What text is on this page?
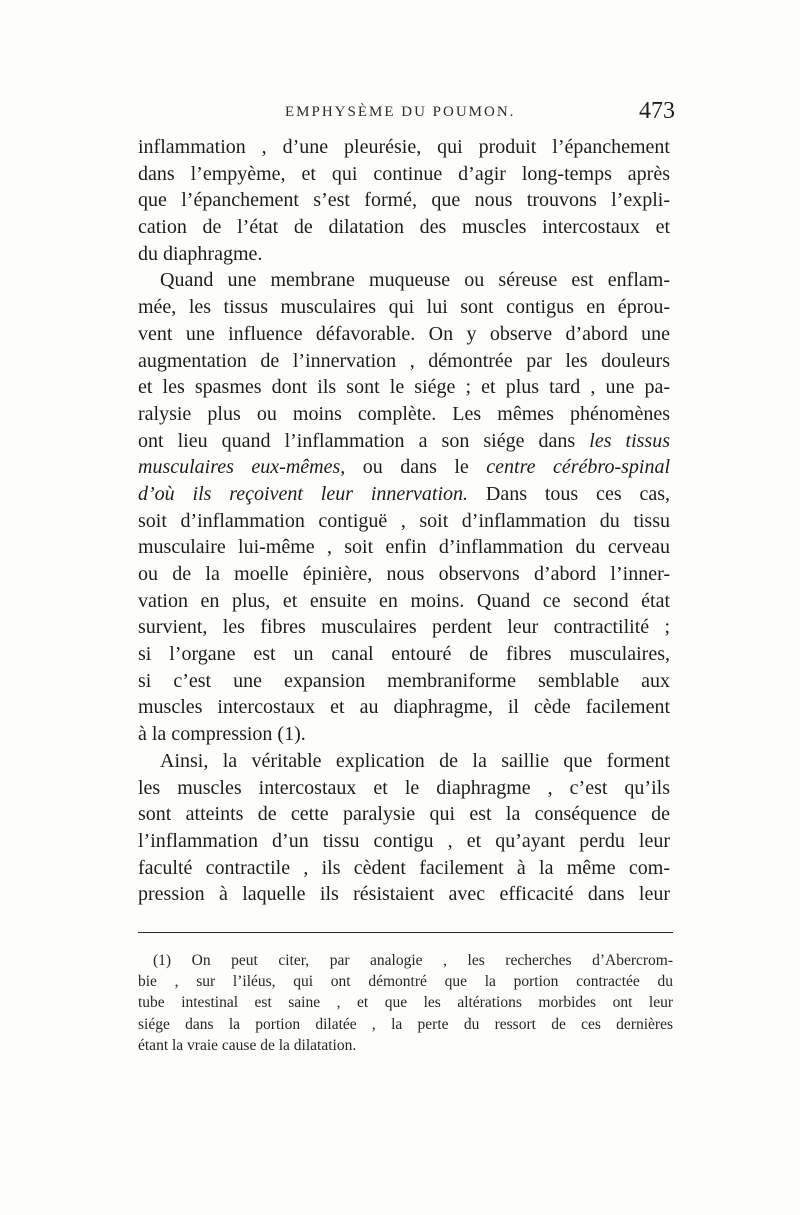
EMPHYSÈME DU POUMON.	473
inflammation , d’une pleurésie, qui produit l’épanchement
dans l’empyème, et qui continue d’agir long-temps après
que l’épanchement s’est formé, que nous trouvons l’expli-
cation de l’état de dilatation des muscles intercostaux et
du diaphragme.
Quand une membrane muqueuse ou séreuse est enflam-
mée, les tissus musculaires qui lui sont contigus en éprou-
vent une influence défavorable. On y observe d’abord une
augmentation de l’innervation , démontrée par les douleurs
et les spasmes dont ils sont le siége ; et plus tard , une pa-
ralysie plus ou moins complète. Les mêmes phénomènes
ont lieu quand l’inflammation a son siége dans les tissus
musculaires eux-mêmes, ou dans le centre cérébro-spinal
d’où ils reçoivent leur innervation. Dans tous ces cas,
soit d’inflammation contiguë , soit d’inflammation du tissu
musculaire lui-même , soit enfin d’inflammation du cerveau
ou de la moelle épinière, nous observons d’abord l’inner-
vation en plus, et ensuite en moins. Quand ce second état
survient, les fibres musculaires perdent leur contractilité ;
si l’organe est un canal entouré de fibres musculaires,
si c’est une expansion membraniforme semblable aux
muscles intercostaux et au diaphragme, il cède facilement
à la compression (1).
Ainsi, la véritable explication de la saillie que forment
les muscles intercostaux et le diaphragme , c’est qu’ils
sont atteints de cette paralysie qui est la conséquence de
l’inflammation d’un tissu contigu , et qu’ayant perdu leur
faculté contractile , ils cèdent facilement à la même com-
pression à laquelle ils résistaient avec efficacité dans leur
(1) On peut citer, par analogie , les recherches d’Abercrom-
bie , sur l’iléus, qui ont démontré que la portion contractée du
tube intestinal est saine , et que les altérations morbides ont leur
siége dans la portion dilatée , la perte du ressort de ces dernières
étant la vraie cause de la dilatation.
